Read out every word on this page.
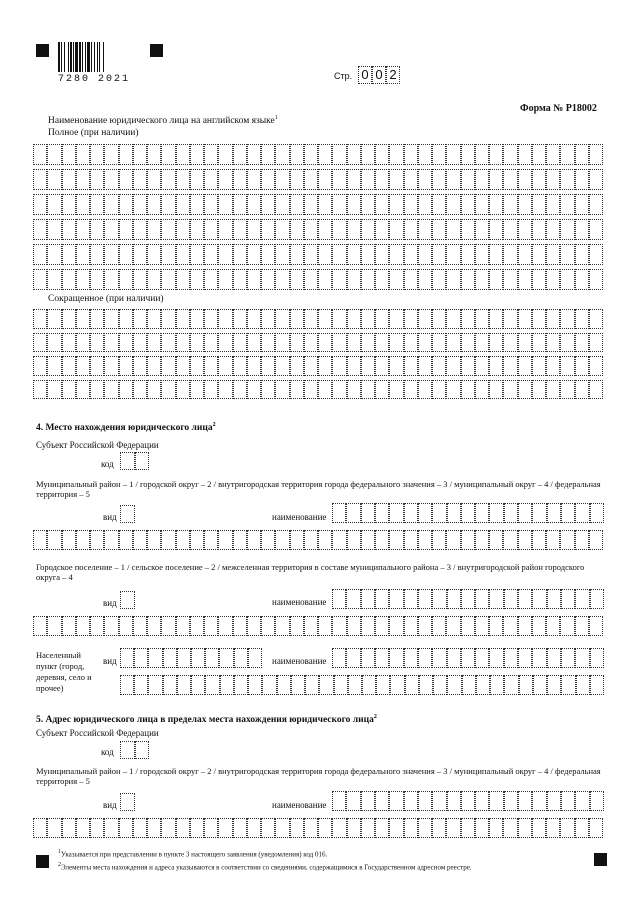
7280 2021	Стр. 0 0 2
Форма № Р18002
Наименование юридического лица на английском языке$^1$
Полное (при наличии)
Сокращенное (при наличии)
4. Место нахождения юридического лица$^2$
Субъект Российской Федерации
код
Муниципальный район – 1 / городской округ – 2 / внутригородская территория города федерального значения – 3 / муниципальный округ – 4 / федеральная территория – 5
вид	наименование
Городское поселение – 1 / сельское поселение – 2 / межселенная территория в составе муниципального района – 3 / внутригородской район городского округа – 4
вид	наименование
Населенный пункт (город, деревня, село и прочее)
вид	наименование
5. Адрес юридического лица в пределах места нахождения юридического лица$^2$
Субъект Российской Федерации
код
Муниципальный район – 1 / городской округ – 2 / внутригородская территория города федерального значения – 3 / муниципальный округ – 4 / федеральная территория – 5
вид	наименование
$^1$Указывается при представлении в пункте 3 настоящего заявления (уведомления) код 016.
$^2$Элементы места нахождения и адреса указываются в соответствии со сведениями, содержащимися в Государственном адресном реестре.
